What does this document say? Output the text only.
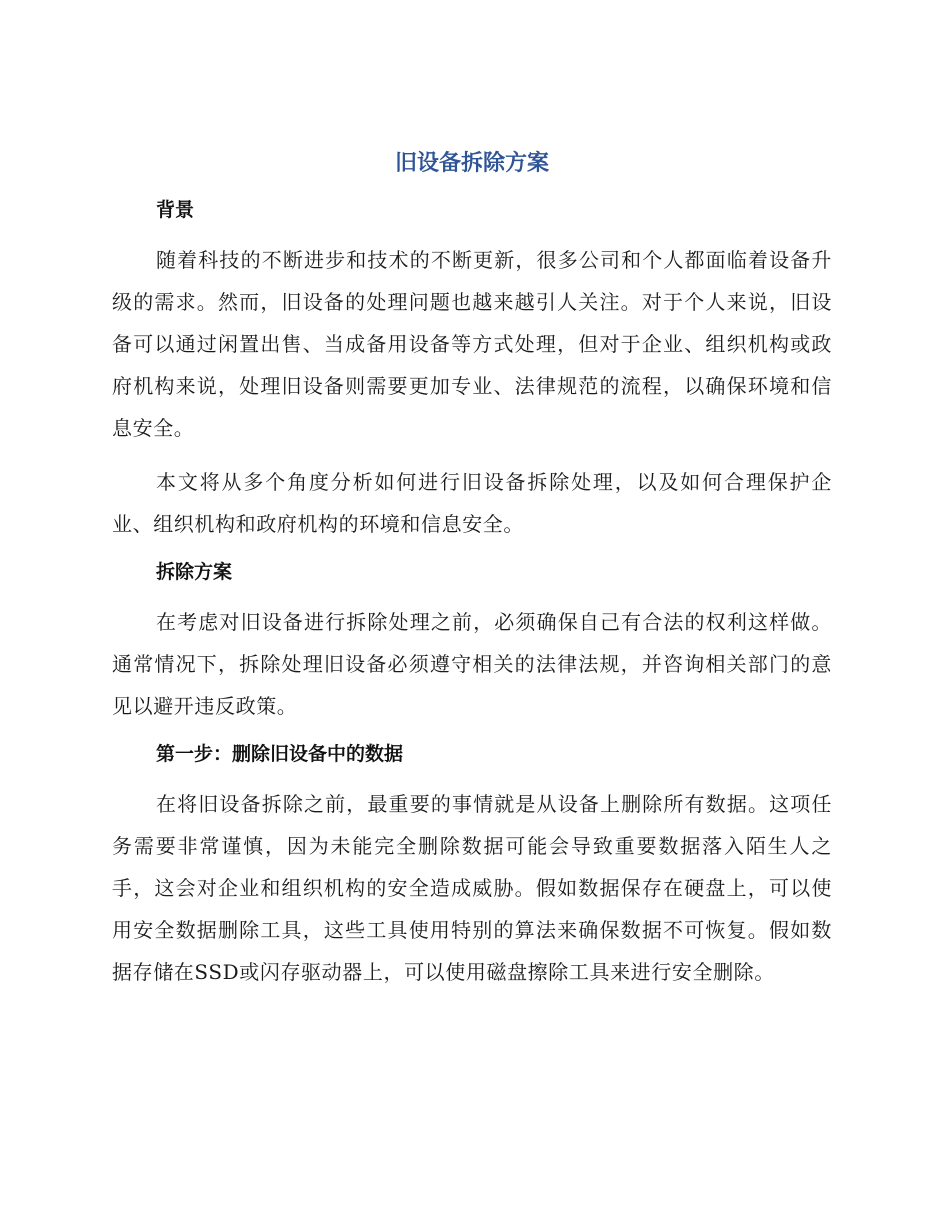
旧设备拆除方案
背景

随着科技的不断进步和技术的不断更新，很多公司和个人都面临着设备升级的需求。然而，旧设备的处理问题也越来越引人关注。对于个人来说，旧设备可以通过闲置出售、当成备用设备等方式处理，但对于企业、组织机构或政府机构来说，处理旧设备则需要更加专业、法律规范的流程，以确保环境和信息安全。

本文将从多个角度分析如何进行旧设备拆除处理，以及如何合理保护企业、组织机构和政府机构的环境和信息安全。

拆除方案

在考虑对旧设备进行拆除处理之前，必须确保自己有合法的权利这样做。通常情况下，拆除处理旧设备必须遵守相关的法律法规，并咨询相关部门的意见以避开违反政策。

第一步：删除旧设备中的数据

在将旧设备拆除之前，最重要的事情就是从设备上删除所有数据。这项任务需要非常谨慎，因为未能完全删除数据可能会导致重要数据落入陌生人之手，这会对企业和组织机构的安全造成威胁。假如数据保存在硬盘上，可以使用安全数据删除工具，这些工具使用特别的算法来确保数据不可恢复。假如数据存储在SSD或闪存驱动器上，可以使用磁盘擦除工具来进行安全删除。
